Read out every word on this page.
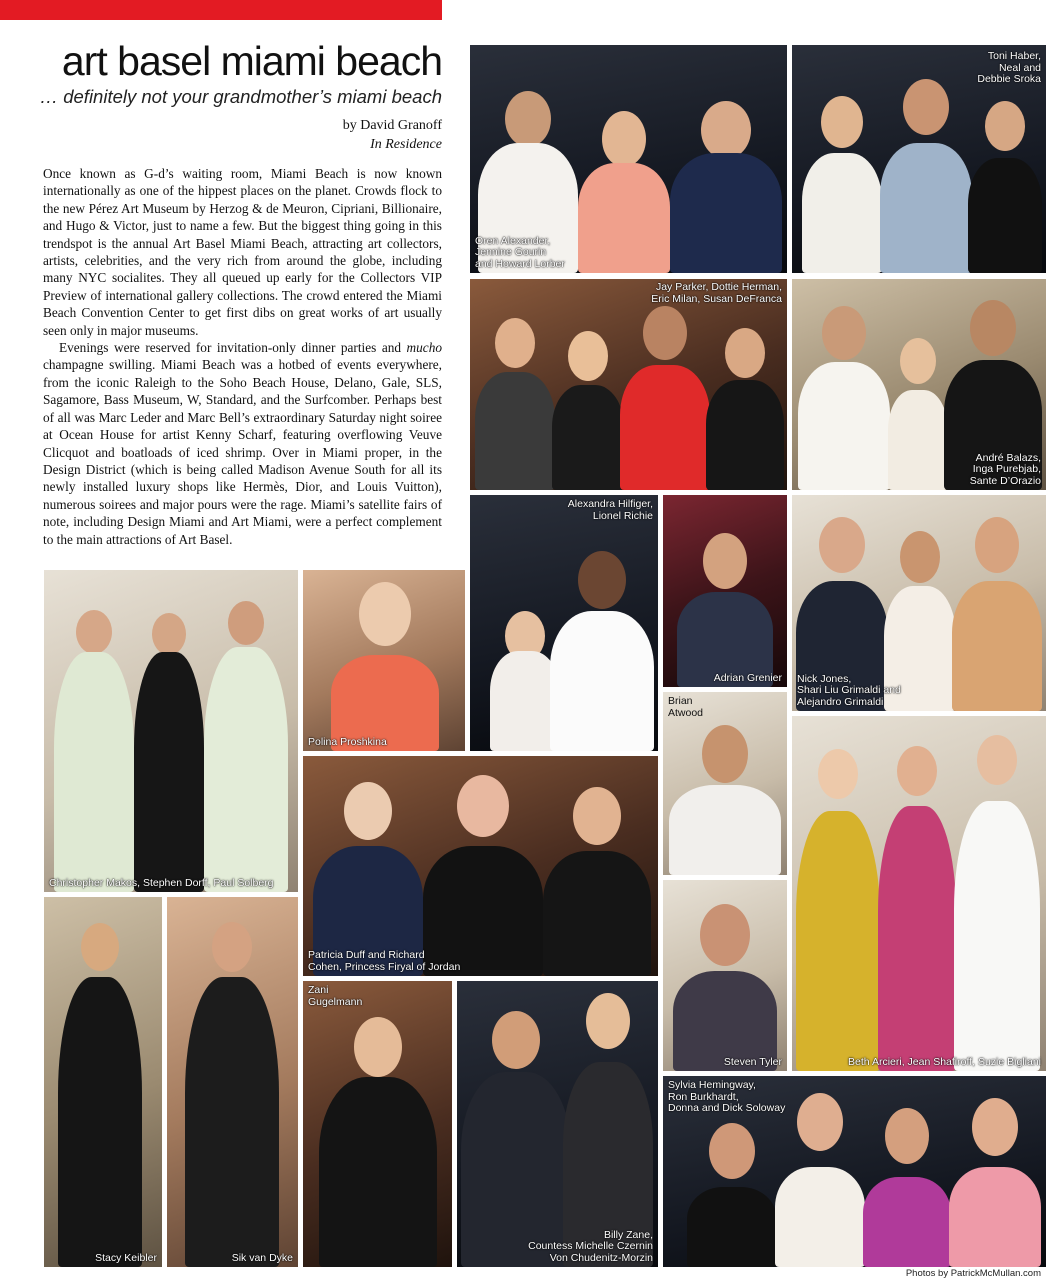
art basel miami beach
… definitely not your grandmother’s miami beach
by David Granoff
In Residence

Once known as G-d’s waiting room, Miami Beach is now known internationally as one of the hippest places on the planet. Crowds flock to the new Pérez Art Museum by Herzog & de Meuron, Cipriani, Billionaire, and Hugo & Victor, just to name a few. But the biggest thing going in this trendspot is the annual Art Basel Miami Beach, attracting art collectors, artists, celebrities, and the very rich from around the globe, including many NYC socialites. They all queued up early for the Collectors VIP Preview of international gallery collections. The crowd entered the Miami Beach Convention Center to get first dibs on great works of art usually seen only in major museums.

Evenings were reserved for invitation-only dinner parties and mucho champagne swilling. Miami Beach was a hotbed of events everywhere, from the iconic Raleigh to the Soho Beach House, Delano, Gale, SLS, Sagamore, Bass Museum, W, Standard, and the Surfcomber. Perhaps best of all was Marc Leder and Marc Bell’s extraordinary Saturday night soiree at Ocean House for artist Kenny Scharf, featuring overflowing Veuve Clicquot and boatloads of iced shrimp. Over in Miami proper, in the Design District (which is being called Madison Avenue South for all its newly installed luxury shops like Hermès, Dior, and Louis Vuitton), numerous soirees and major pours were the rage. Miami’s satellite fairs of note, including Design Miami and Art Miami, were a perfect complement to the main attractions of Art Basel.

Oren Alexander,
Jennine Gourin
and Howard Lorber
Toni Haber,
Neal and
Debbie Sroka
Jay Parker, Dottie Herman,
Eric Milan, Susan DeFranca
André Balazs,
Inga Purebjab,
Sante D’Orazio
Alexandra Hilfiger,
Lionel Richie
Adrian Grenier Nick Jones,
Shari Liu Grimaldi and
Alejandro Grimaldi
Christopher Makos, Stephen Dorff, Paul Solberg
Polina Proshkina
Brian
Atwood
Patricia Duff and Richard
Cohen, Princess Firyal of Jordan
Beth Arcieri, Jean Shafiroff, Suzie Bigliani
Stacy Keibler	Sik van Dyke
Zani
Gugelmann
Billy Zane,
Countess Michelle Czernin
Von Chudenitz-Morzin
Steven Tyler
Sylvia Hemingway,
Ron Burkhardt,
Donna and Dick Soloway
Photos by PatrickMcMullan.com
